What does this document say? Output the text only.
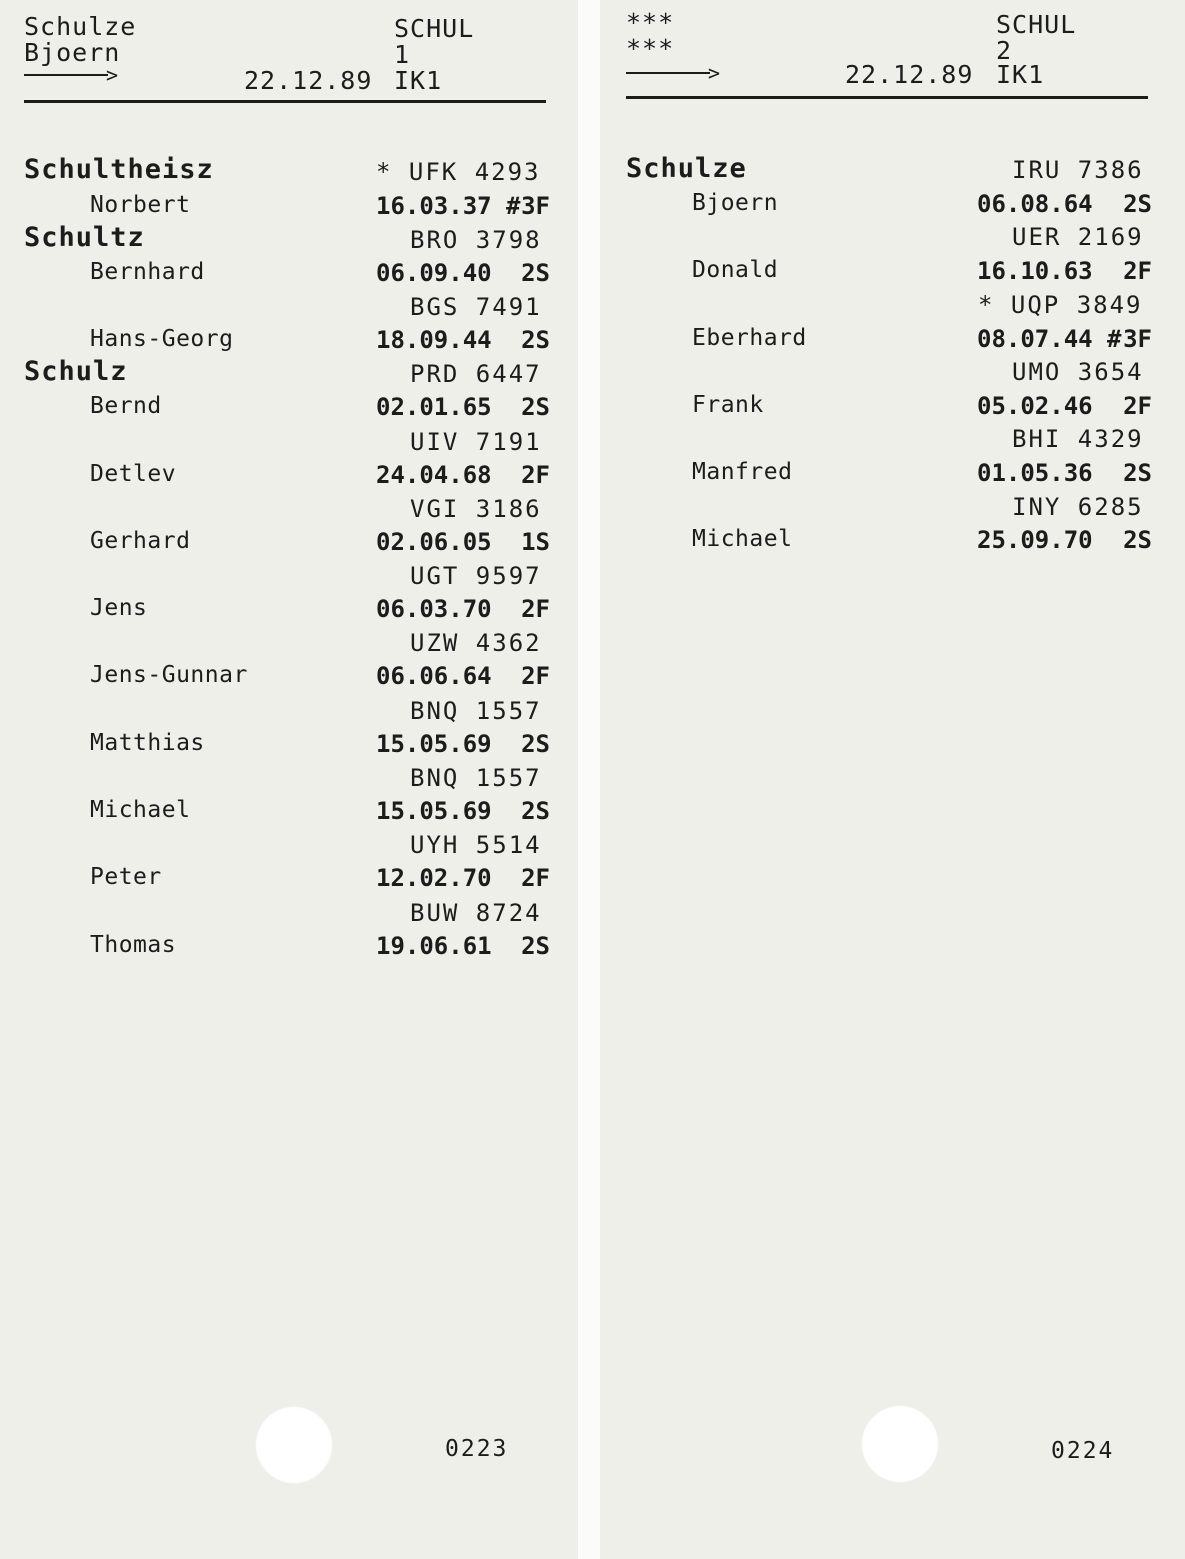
Schulze
Bjoern
>
SCHUL
1
22.12.89 IK1
Schultheisz	* UFK 4293
Norbert	16.03.37 # 3F
Schultz	BRO 3798
Bernhard	06.09.40 2S
BGS 7491
Hans-Georg	18.09.44 2S
Schulz	PRD 6447
Bernd	02.01.65 2S
UIV 7191
Detlev	24.04.68 2F
VGI 3186
Gerhard	02.06.05 1S
UGT 9597
Jens	06.03.70 2F
UZW 4362
Jens-Gunnar	06.06.64 2F
BNQ 1557
Matthias	15.05.69 2S
BNQ 1557
Michael	15.05.69 2S
UYH 5514
Peter	12.02.70 2F
BUW 8724
Thomas	19.06.61 2S
0223
***
***
>
SCHUL
2
22.12.89 IK1
Schulze	IRU 7386
Bjoern	06.08.64 2S
UER 2169
Donald	16.10.63 2F
* UQP 3849
Eberhard	08.07.44 # 3F
UMO 3654
Frank	05.02.46 2F
BHI 4329
Manfred	01.05.36 2S
INY 6285
Michael	25.09.70 2S
0224
